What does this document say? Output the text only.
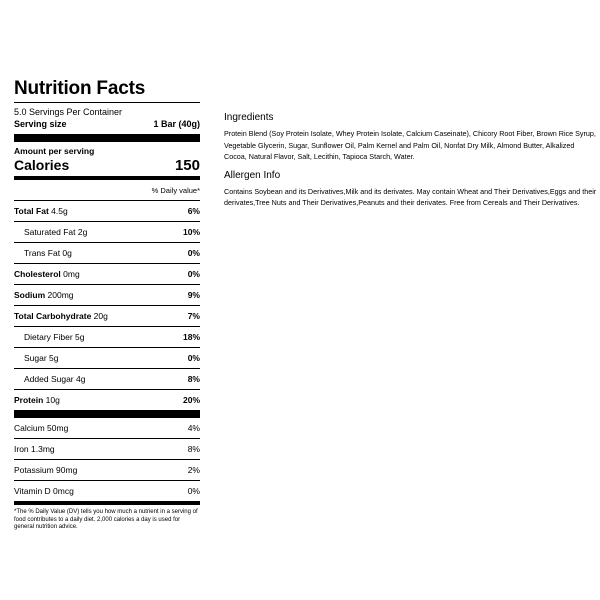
Nutrition Facts
5.0 Servings Per Container
Serving size	1 Bar (40g)
Amount per serving
Calories	150
% Daily value*
Total Fat 4.5g	6%
Saturated Fat 2g	10%
Trans Fat 0g	0%
Cholesterol 0mg	0%
Sodium 200mg	9%
Total Carbohydrate 20g	7%
Dietary Fiber 5g	18%
Sugar 5g	0%
Added Sugar 4g	8%
Protein 10g	20%
Calcium 50mg	4%
Iron 1.3mg	8%
Potassium 90mg	2%
Vitamin D 0mcg	0%
*The % Daily Value (DV) tells you how much a nutrient in a serving of food contributes to a daily diet. 2,000 calories a day is used for general nutrition advice.
Ingredients

Protein Blend (Soy Protein Isolate, Whey Protein Isolate, Calcium Caseinate), Chicory Root Fiber, Brown Rice Syrup, Vegetable Glycerin, Sugar, Sunflower Oil, Palm Kernel and Palm Oil, Nonfat Dry Milk, Almond Butter, Alkalized Cocoa, Natural Flavor, Salt, Lecithin, Tapioca Starch, Water.

Allergen Info

Contains Soybean and its Derivatives,Milk and its derivates. May contain Wheat and Their Derivatives,Eggs and their derivates,Tree Nuts and Their Derivatives,Peanuts and their derivates. Free from Cereals and Their Derivatives.
